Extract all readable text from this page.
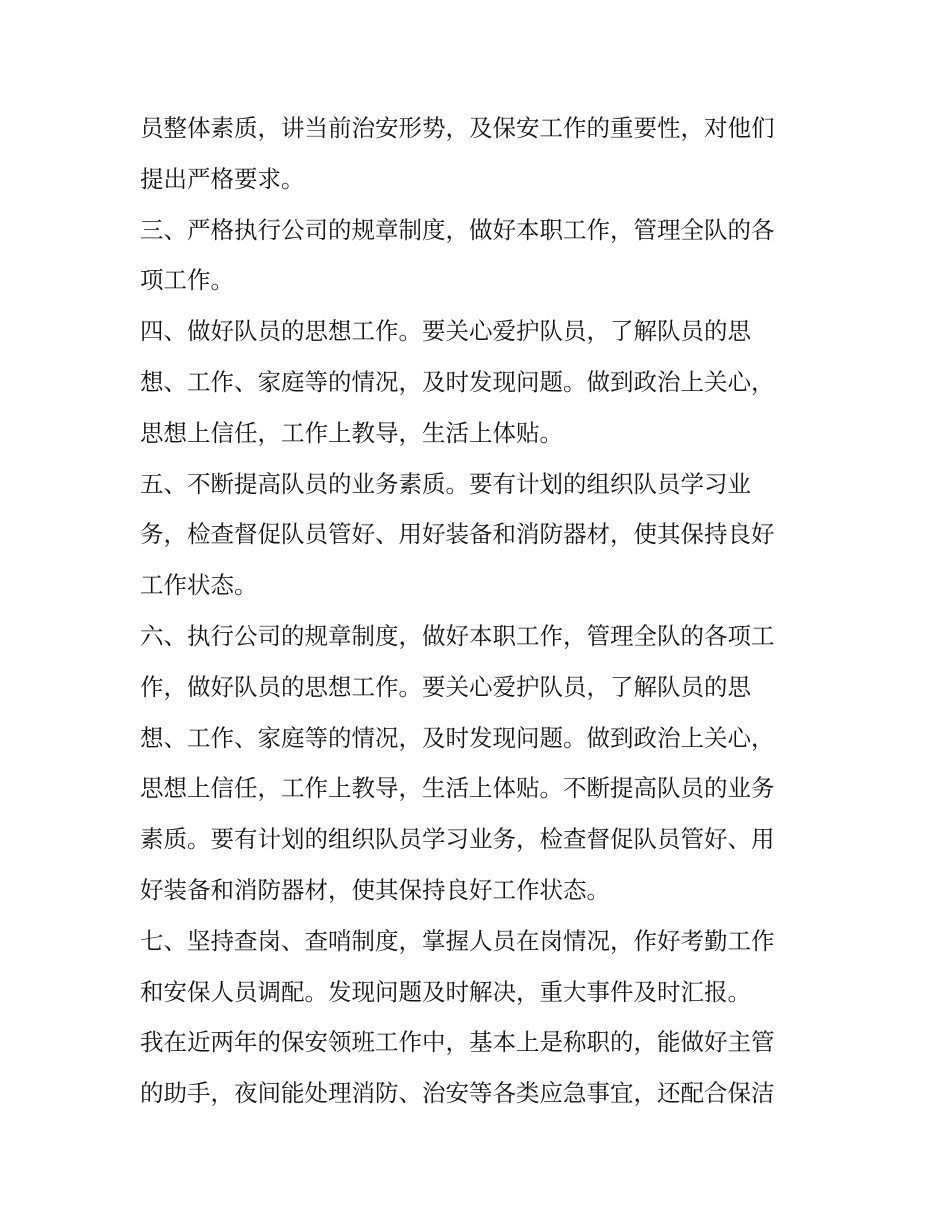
员整体素质，讲当前治安形势，及保安工作的重要性，对他们
提出严格要求。
三、严格执行公司的规章制度，做好本职工作，管理全队的各
项工作。
四、做好队员的思想工作。要关心爱护队员，了解队员的思
想、工作、家庭等的情况，及时发现问题。做到政治上关心，
思想上信任，工作上教导，生活上体贴。
五、不断提高队员的业务素质。要有计划的组织队员学习业
务，检查督促队员管好、用好装备和消防器材，使其保持良好
工作状态。
六、执行公司的规章制度，做好本职工作，管理全队的各项工
作，做好队员的思想工作。要关心爱护队员，了解队员的思
想、工作、家庭等的情况，及时发现问题。做到政治上关心，
思想上信任，工作上教导，生活上体贴。不断提高队员的业务
素质。要有计划的组织队员学习业务，检查督促队员管好、用
好装备和消防器材，使其保持良好工作状态。
七、坚持查岗、查哨制度，掌握人员在岗情况，作好考勤工作
和安保人员调配。发现问题及时解决，重大事件及时汇报。
我在近两年的保安领班工作中，基本上是称职的，能做好主管
的助手，夜间能处理消防、治安等各类应急事宜，还配合保洁
